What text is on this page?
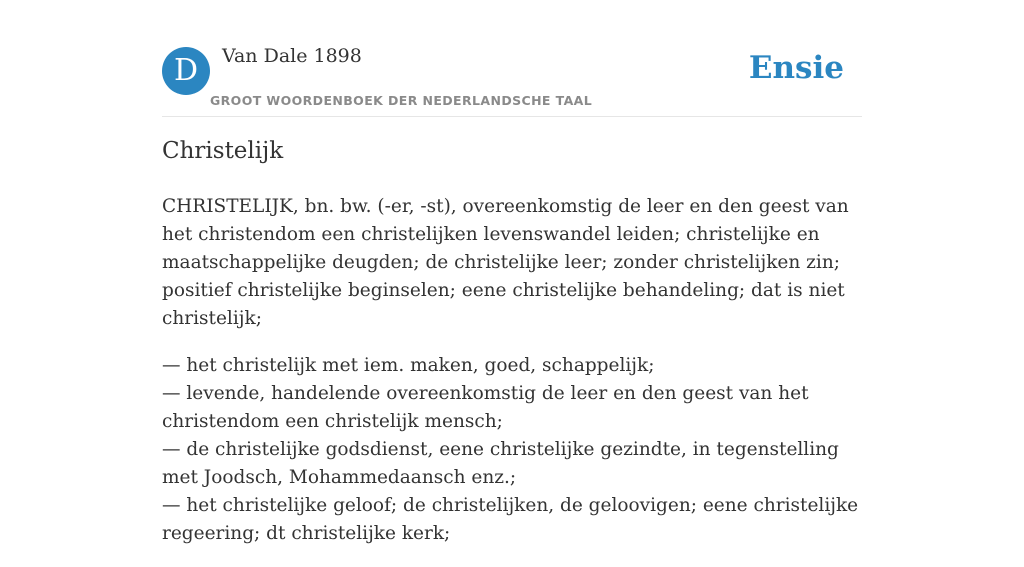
D	Van Dale 1898
GROOT WOORDENBOEK DER NEDERLANDSCHE TAAL
Ensie
Christelijk

CHRISTELIJK, bn. bw. (-er, -st), overeenkomstig de leer en den geest van het christendom een christelijken levenswandel leiden; christelijke en maatschappelijke deugden; de christelijke leer; zonder christelijken zin; positief christelijke beginselen; eene christelijke behandeling; dat is niet christelijk;

— het christelijk met iem. maken, goed, schappelijk;
— levende, handelende overeenkomstig de leer en den geest van het christendom een christelijk mensch;
— de christelijke godsdienst, eene christelijke gezindte, in tegenstelling met Joodsch, Mohammedaansch enz.;
— het christelijke geloof; de christelijken, de geloovigen; eene christelijke regeering; dt christelijke kerk;
